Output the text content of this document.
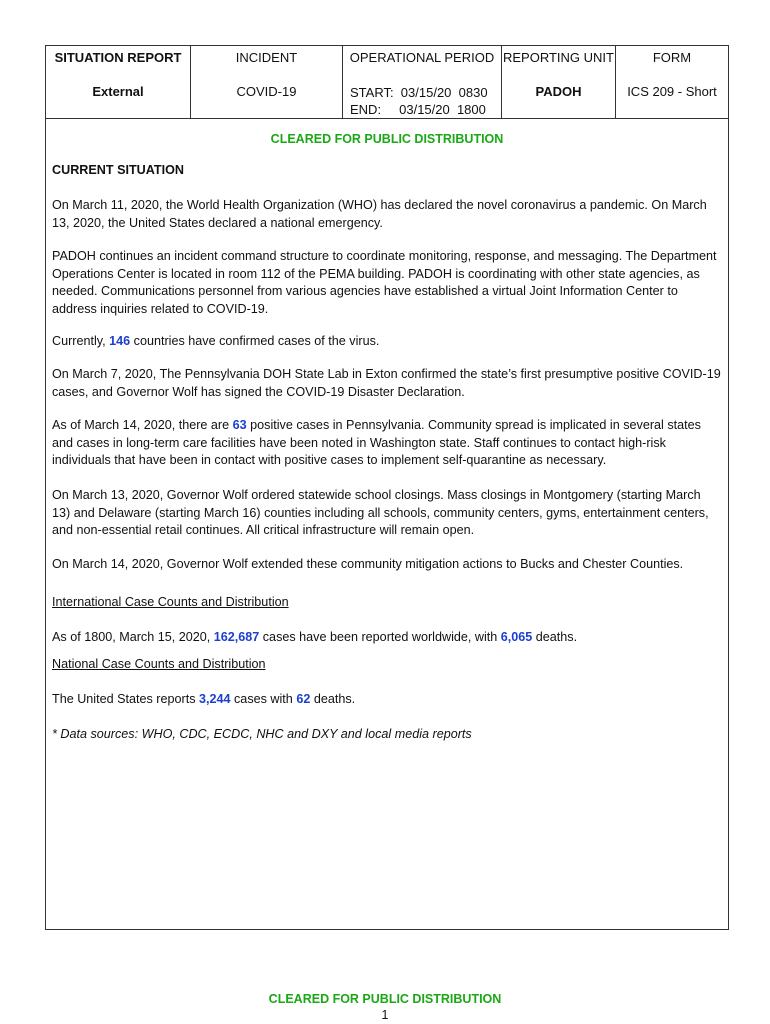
SITUATION REPORT
External
INCIDENT
COVID-19
OPERATIONAL PERIOD
START:  03/15/20  0830
END:     03/15/20  1800
REPORTING UNIT
PADOH
FORM
ICS 209 - Short
CLEARED FOR PUBLIC DISTRIBUTION

CURRENT SITUATION

On March 11, 2020, the World Health Organization (WHO) has declared the novel coronavirus a pandemic. On March 13, 2020, the United States declared a national emergency.

PADOH continues an incident command structure to coordinate monitoring, response, and messaging. The Department Operations Center is located in room 112 of the PEMA building. PADOH is coordinating with other state agencies, as needed. Communications personnel from various agencies have established a virtual Joint Information Center to address inquiries related to COVID-19.

Currently, 146 countries have confirmed cases of the virus.

On March 7, 2020, The Pennsylvania DOH State Lab in Exton confirmed the state’s first presumptive positive COVID-19 cases, and Governor Wolf has signed the COVID-19 Disaster Declaration.

As of March 14, 2020, there are 63 positive cases in Pennsylvania. Community spread is implicated in several states and cases in long-term care facilities have been noted in Washington state. Staff continues to contact high-risk individuals that have been in contact with positive cases to implement self-quarantine as necessary.

On March 13, 2020, Governor Wolf ordered statewide school closings. Mass closings in Montgomery (starting March 13) and Delaware (starting March 16) counties including all schools, community centers, gyms, entertainment centers, and non-essential retail continues. All critical infrastructure will remain open.

On March 14, 2020, Governor Wolf extended these community mitigation actions to Bucks and Chester Counties.

International Case Counts and Distribution

As of 1800, March 15, 2020, 162,687 cases have been reported worldwide, with 6,065 deaths.

National Case Counts and Distribution

The United States reports 3,244 cases with 62 deaths.

* Data sources: WHO, CDC, ECDC, NHC and DXY and local media reports

CLEARED FOR PUBLIC DISTRIBUTION
1
